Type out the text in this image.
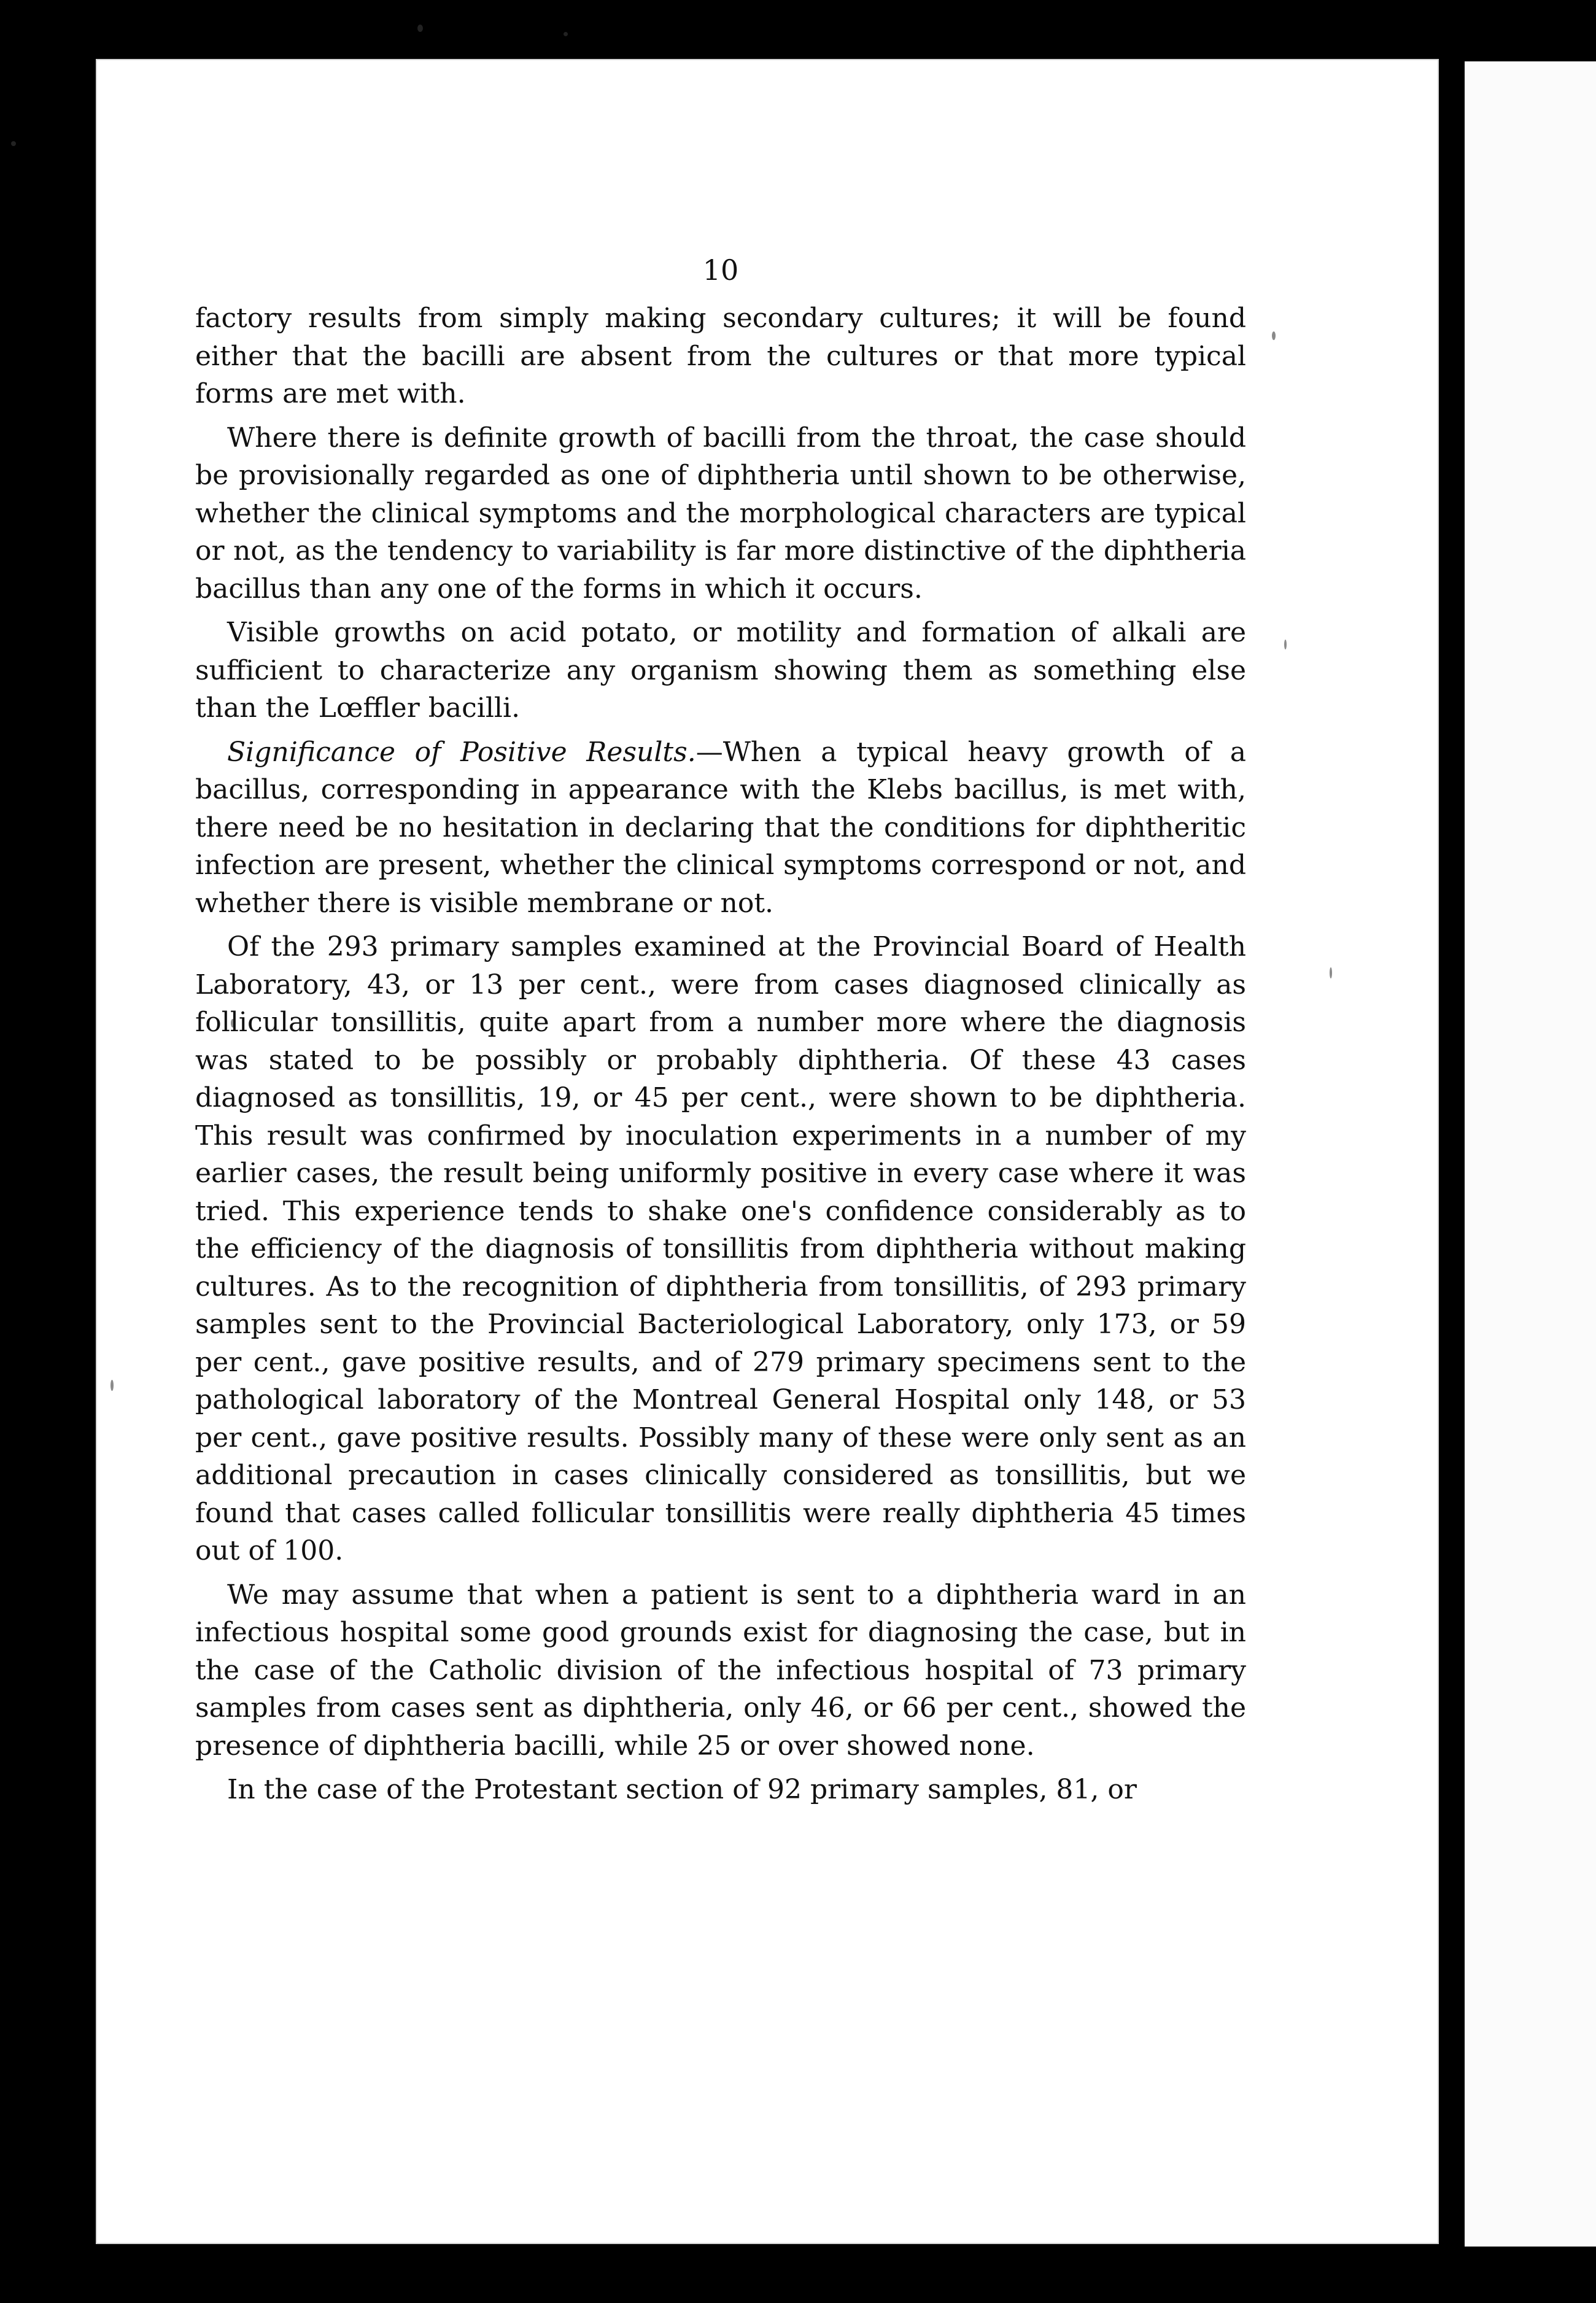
10

factory results from simply making secondary cultures; it will be found either that the bacilli are absent from the cultures or that more typical forms are met with.

Where there is definite growth of bacilli from the throat, the case should be provisionally regarded as one of diphtheria until shown to be otherwise, whether the clinical symptoms and the morphological characters are typical or not, as the tendency to variability is far more distinctive of the diphtheria bacillus than any one of the forms in which it occurs.

Visible growths on acid potato, or motility and formation of alkali are sufficient to characterize any organism showing them as something else than the Lœffler bacilli.

Significance of Positive Results.—When a typical heavy growth of a bacillus, corresponding in appearance with the Klebs bacillus, is met with, there need be no hesitation in declaring that the conditions for diphtheritic infection are present, whether the clinical symptoms correspond or not, and whether there is visible membrane or not.

Of the 293 primary samples examined at the Provincial Board of Health Laboratory, 43, or 13 per cent., were from cases diagnosed clinically as follicular tonsillitis, quite apart from a number more where the diagnosis was stated to be possibly or probably diphtheria. Of these 43 cases diagnosed as tonsillitis, 19, or 45 per cent., were shown to be diphtheria. This result was confirmed by inoculation experiments in a number of my earlier cases, the result being uniformly positive in every case where it was tried. This experience tends to shake one's confidence considerably as to the efficiency of the diagnosis of tonsillitis from diphtheria without making cultures. As to the recognition of diphtheria from tonsillitis, of 293 primary samples sent to the Provincial Bacteriological Laboratory, only 173, or 59 per cent., gave positive results, and of 279 primary specimens sent to the pathological laboratory of the Montreal General Hospital only 148, or 53 per cent., gave positive results. Possibly many of these were only sent as an additional precaution in cases clinically considered as tonsillitis, but we found that cases called follicular tonsillitis were really diphtheria 45 times out of 100.

We may assume that when a patient is sent to a diphtheria ward in an infectious hospital some good grounds exist for diagnosing the case, but in the case of the Catholic division of the infectious hospital of 73 primary samples from cases sent as diphtheria, only 46, or 66 per cent., showed the presence of diphtheria bacilli, while 25 or over showed none.

In the case of the Protestant section of 92 primary samples, 81, or
